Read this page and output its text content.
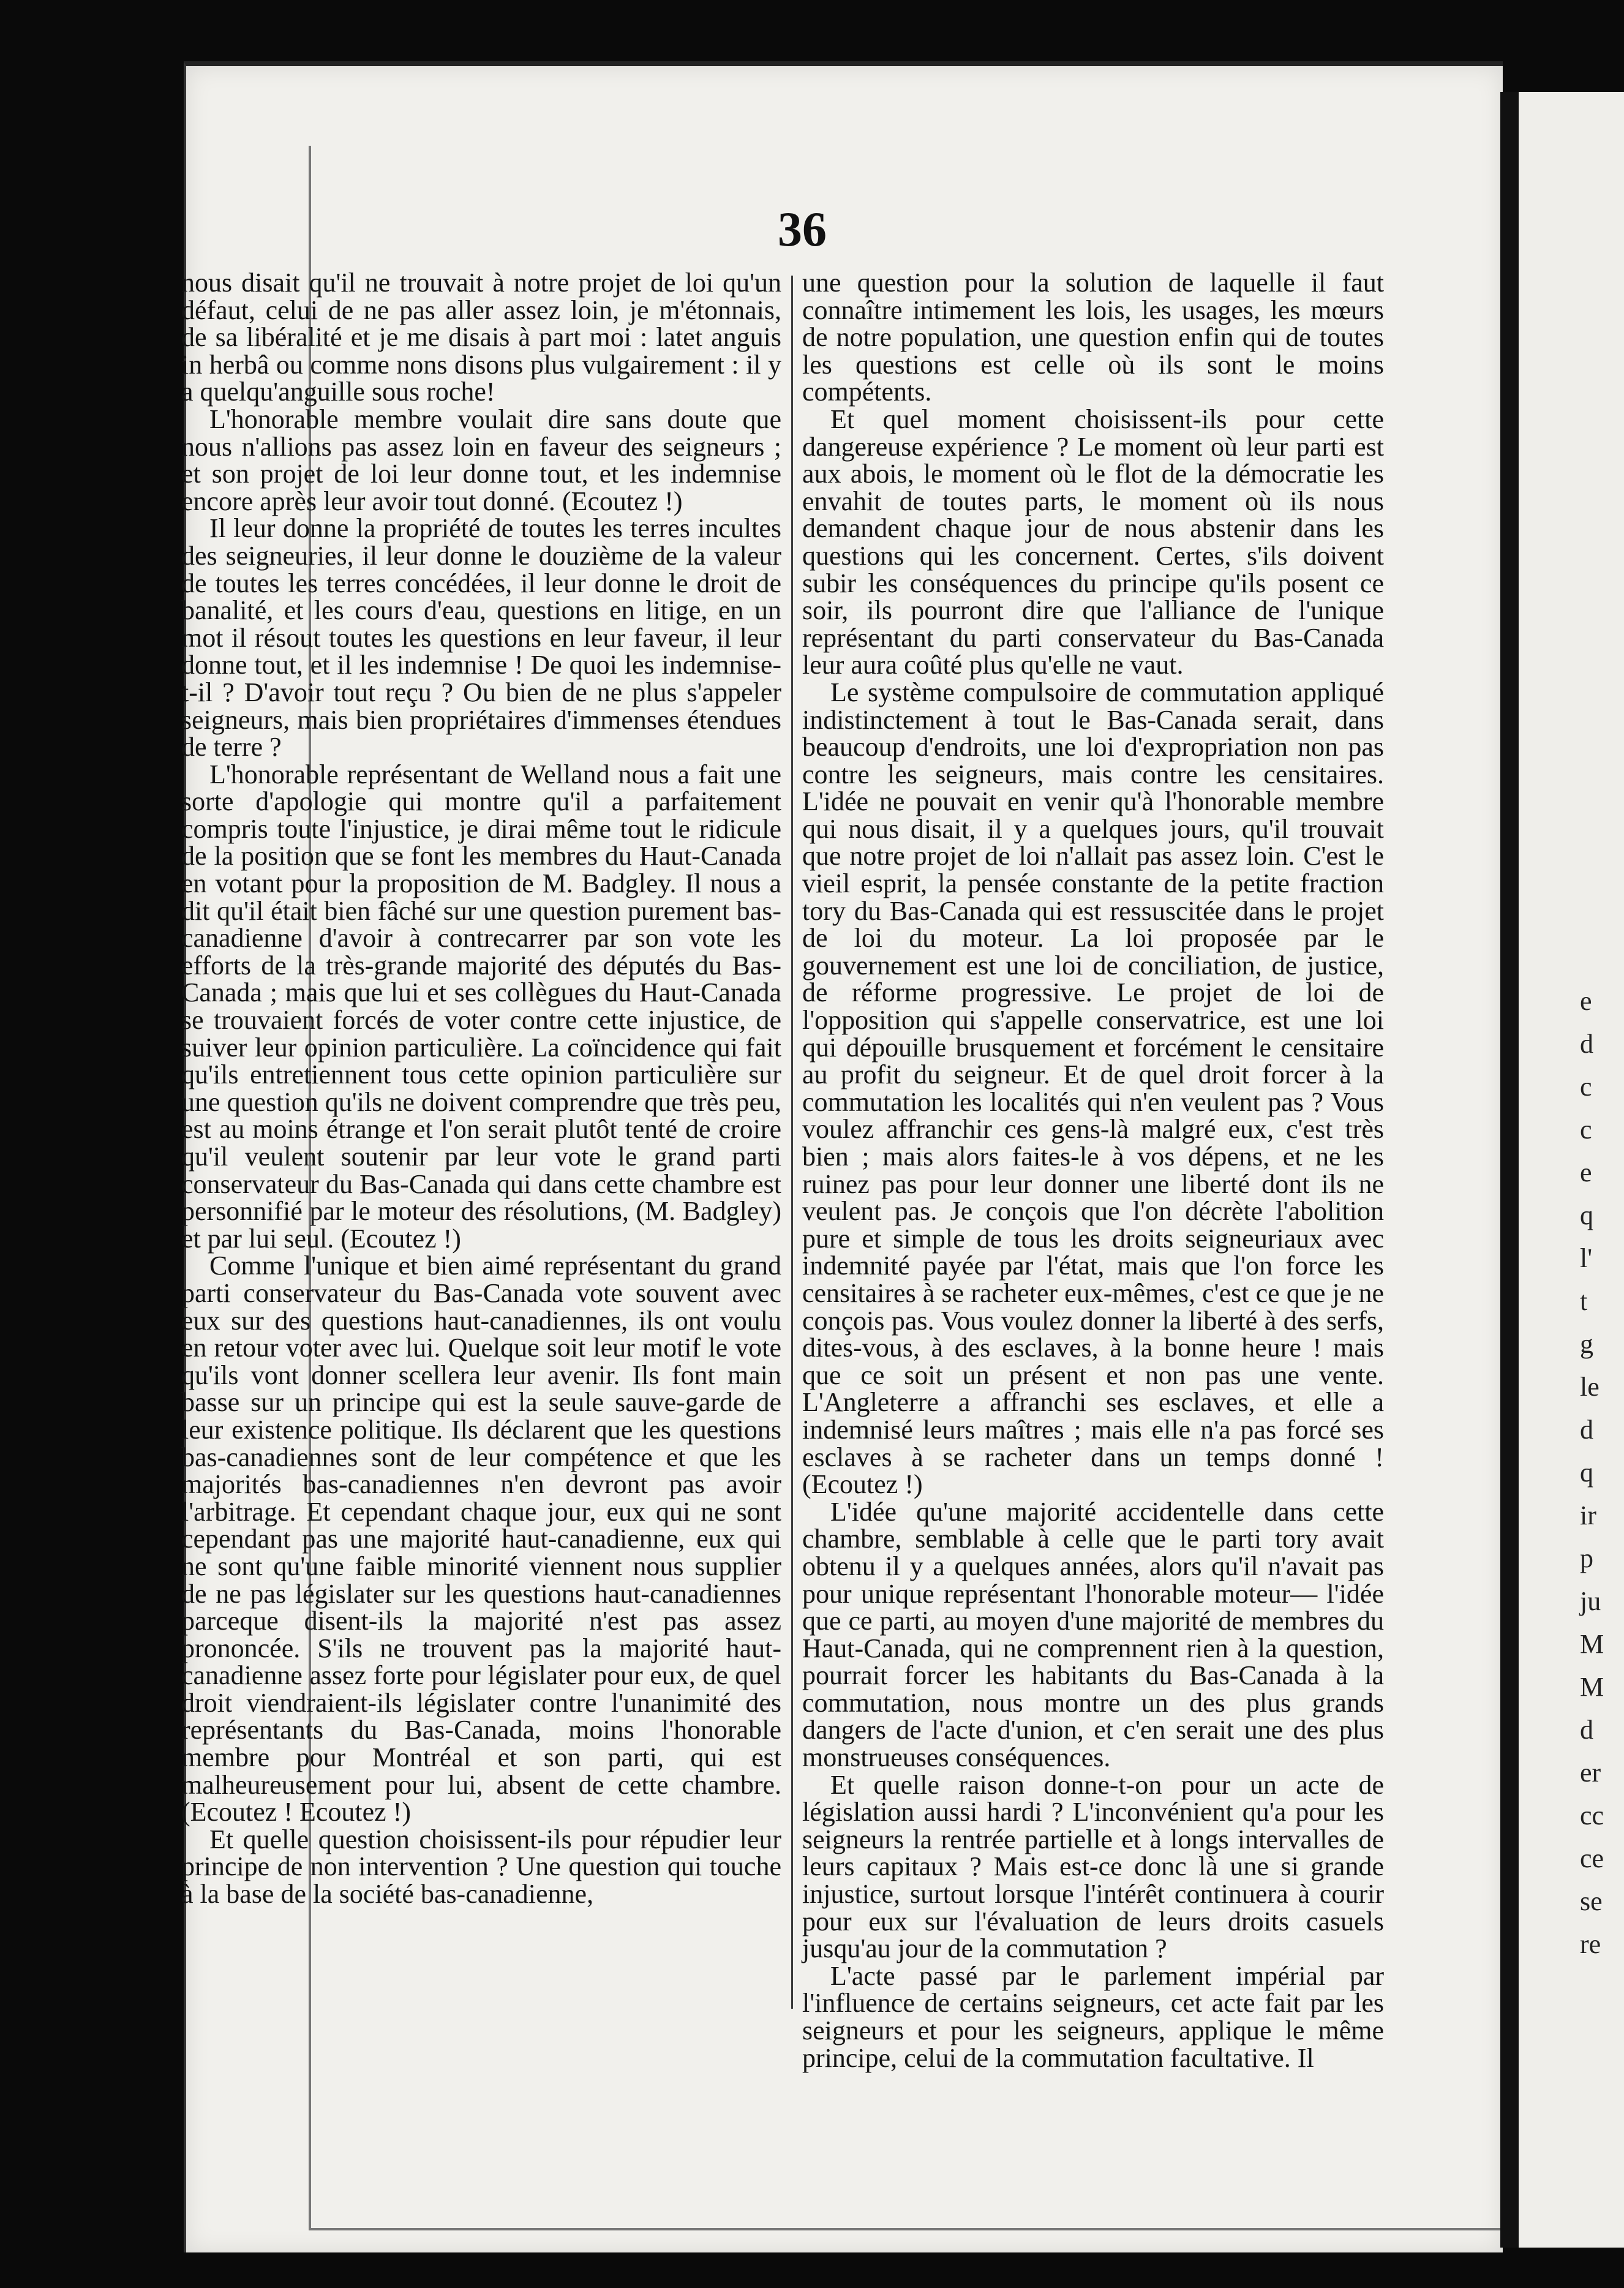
e
d
c
c
e
q
l'
t
g
le
d
q
ir
p
ju
M
M
d
er
cc
ce
se
re
36

nous disait qu'il ne trouvait à notre projet de loi qu'un défaut, celui de ne pas aller assez loin, je m'étonnais, de sa libéralité et je me disais à part moi : latet anguis in herbâ ou comme nons disons plus vulgairement : il y a quelqu'anguille sous roche!

L'honorable membre voulait dire sans doute que nous n'allions pas assez loin en faveur des seigneurs ; et son projet de loi leur donne tout, et les indemnise encore après leur avoir tout donné. (Ecoutez !)

Il leur donne la propriété de toutes les terres incultes des seigneuries, il leur donne le douzième de la valeur de toutes les terres concédées, il leur donne le droit de banalité, et les cours d'eau, questions en litige, en un mot il résout toutes les questions en leur faveur, il leur donne tout, et il les indemnise ! De quoi les indemnise-t-il ? D'avoir tout reçu ? Ou bien de ne plus s'appeler seigneurs, mais bien propriétaires d'immenses étendues de terre ?

L'honorable représentant de Welland nous a fait une sorte d'apologie qui montre qu'il a parfaitement compris toute l'injustice, je dirai même tout le ridicule de la position que se font les membres du Haut-Canada en votant pour la proposition de M. Badgley. Il nous a dit qu'il était bien fâché sur une question purement bas-canadienne d'avoir à contrecarrer par son vote les efforts de la très-grande majorité des députés du Bas-Canada ; mais que lui et ses collègues du Haut-Canada se trouvaient forcés de voter contre cette injustice, de suiver leur opinion particulière. La coïncidence qui fait qu'ils entretiennent tous cette opinion particulière sur une question qu'ils ne doivent comprendre que très peu, est au moins étrange et l'on serait plutôt tenté de croire qu'il veulent soutenir par leur vote le grand parti conservateur du Bas-Canada qui dans cette chambre est personnifié par le moteur des résolutions, (M. Badgley) et par lui seul. (Ecoutez !)

Comme l'unique et bien aimé représentant du grand parti conservateur du Bas-Canada vote souvent avec eux sur des questions haut-canadiennes, ils ont voulu en retour voter avec lui. Quelque soit leur motif le vote qu'ils vont donner scellera leur avenir. Ils font main basse sur un principe qui est la seule sauve-garde de leur existence politique. Ils déclarent que les questions bas-canadiennes sont de leur compétence et que les majorités bas-canadiennes n'en devront pas avoir l'arbitrage. Et cependant chaque jour, eux qui ne sont cependant pas une majorité haut-canadienne, eux qui ne sont qu'une faible minorité viennent nous supplier de ne pas législater sur les questions haut-canadiennes parceque disent-ils la majorité n'est pas assez prononcée. S'ils ne trouvent pas la majorité haut-canadienne assez forte pour législater pour eux, de quel droit viendraient-ils législater contre l'unanimité des représentants du Bas-Canada, moins l'honorable membre pour Montréal et son parti, qui est malheureusement pour lui, absent de cette chambre. (Ecoutez ! Ecoutez !)

Et quelle question choisissent-ils pour répudier leur principe de non intervention ? Une question qui touche à la base de la société bas-canadienne,

une question pour la solution de laquelle il faut connaître intimement les lois, les usages, les mœurs de notre population, une question enfin qui de toutes les questions est celle où ils sont le moins compétents.

Et quel moment choisissent-ils pour cette dangereuse expérience ? Le moment où leur parti est aux abois, le moment où le flot de la démocratie les envahit de toutes parts, le moment où ils nous demandent chaque jour de nous abstenir dans les questions qui les concernent. Certes, s'ils doivent subir les conséquences du principe qu'ils posent ce soir, ils pourront dire que l'alliance de l'unique représentant du parti conservateur du Bas-Canada leur aura coûté plus qu'elle ne vaut.

Le système compulsoire de commutation appliqué indistinctement à tout le Bas-Canada serait, dans beaucoup d'endroits, une loi d'expropriation non pas contre les seigneurs, mais contre les censitaires. L'idée ne pouvait en venir qu'à l'honorable membre qui nous disait, il y a quelques jours, qu'il trouvait que notre projet de loi n'allait pas assez loin. C'est le vieil esprit, la pensée constante de la petite fraction tory du Bas-Canada qui est ressuscitée dans le projet de loi du moteur. La loi proposée par le gouvernement est une loi de conciliation, de justice, de réforme progressive. Le projet de loi de l'opposition qui s'appelle conservatrice, est une loi qui dépouille brusquement et forcément le censitaire au profit du seigneur. Et de quel droit forcer à la commutation les localités qui n'en veulent pas ? Vous voulez affranchir ces gens-là malgré eux, c'est très bien ; mais alors faites-le à vos dépens, et ne les ruinez pas pour leur donner une liberté dont ils ne veulent pas. Je conçois que l'on décrète l'abolition pure et simple de tous les droits seigneuriaux avec indemnité payée par l'état, mais que l'on force les censitaires à se racheter eux-mêmes, c'est ce que je ne conçois pas. Vous voulez donner la liberté à des serfs, dites-vous, à des esclaves, à la bonne heure ! mais que ce soit un présent et non pas une vente. L'Angleterre a affranchi ses esclaves, et elle a indemnisé leurs maîtres ; mais elle n'a pas forcé ses esclaves à se racheter dans un temps donné ! (Ecoutez !)

L'idée qu'une majorité accidentelle dans cette chambre, semblable à celle que le parti tory avait obtenu il y a quelques années, alors qu'il n'avait pas pour unique représentant l'honorable moteur— l'idée que ce parti, au moyen d'une majorité de membres du Haut-Canada, qui ne comprennent rien à la question, pourrait forcer les habitants du Bas-Canada à la commutation, nous montre un des plus grands dangers de l'acte d'union, et c'en serait une des plus monstrueuses conséquences.

Et quelle raison donne-t-on pour un acte de législation aussi hardi ? L'inconvénient qu'a pour les seigneurs la rentrée partielle et à longs intervalles de leurs capitaux ? Mais est-ce donc là une si grande injustice, surtout lorsque l'intérêt continuera à courir pour eux sur l'évaluation de leurs droits casuels jusqu'au jour de la commutation ?

L'acte passé par le parlement impérial par l'influence de certains seigneurs, cet acte fait par les seigneurs et pour les seigneurs, applique le même principe, celui de la commutation facultative. Il
